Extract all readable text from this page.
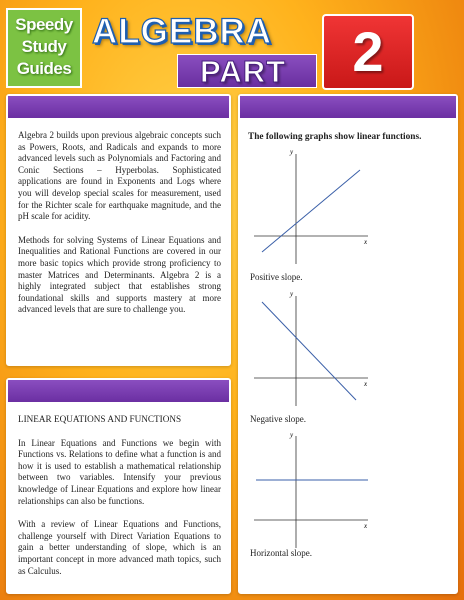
Speedy
Study
Guides
ALGEBRA
PART	2

Algebra 2 builds upon previous algebraic concepts such as Powers, Roots, and Radicals and expands to more advanced levels such as Polynomials and Factoring and Conic Sections – Hyperbolas. Sophisticated applications are found in Exponents and Logs where you will develop special scales for measurement, used for the Richter scale for earthquake magnitude, and the pH scale for acidity.

Methods for solving Systems of Linear Equations and Inequalities and Rational Functions are covered in our more basic topics which provide strong proficiency to master Matrices and Determinants. Algebra 2 is a highly integrated subject that establishes strong foundational skills and supports mastery at more advanced levels that are sure to challenge you.

LINEAR EQUATIONS AND FUNCTIONS

In Linear Equations and Functions we begin with Functions vs. Relations to define what a function is and how it is used to establish a mathematical relationship between two variables. Intensify your previous knowledge of Linear Equations and explore how linear relationships can also be functions.

With a review of Linear Equations and Functions, challenge yourself with Direct Variation Equations to gain a better understanding of slope, which is an important concept in more advanced math topics, such as Calculus.

The following graphs show linear functions.
y
x
Positive slope.
y
x
Negative slope.
y
x
Horizontal slope.
